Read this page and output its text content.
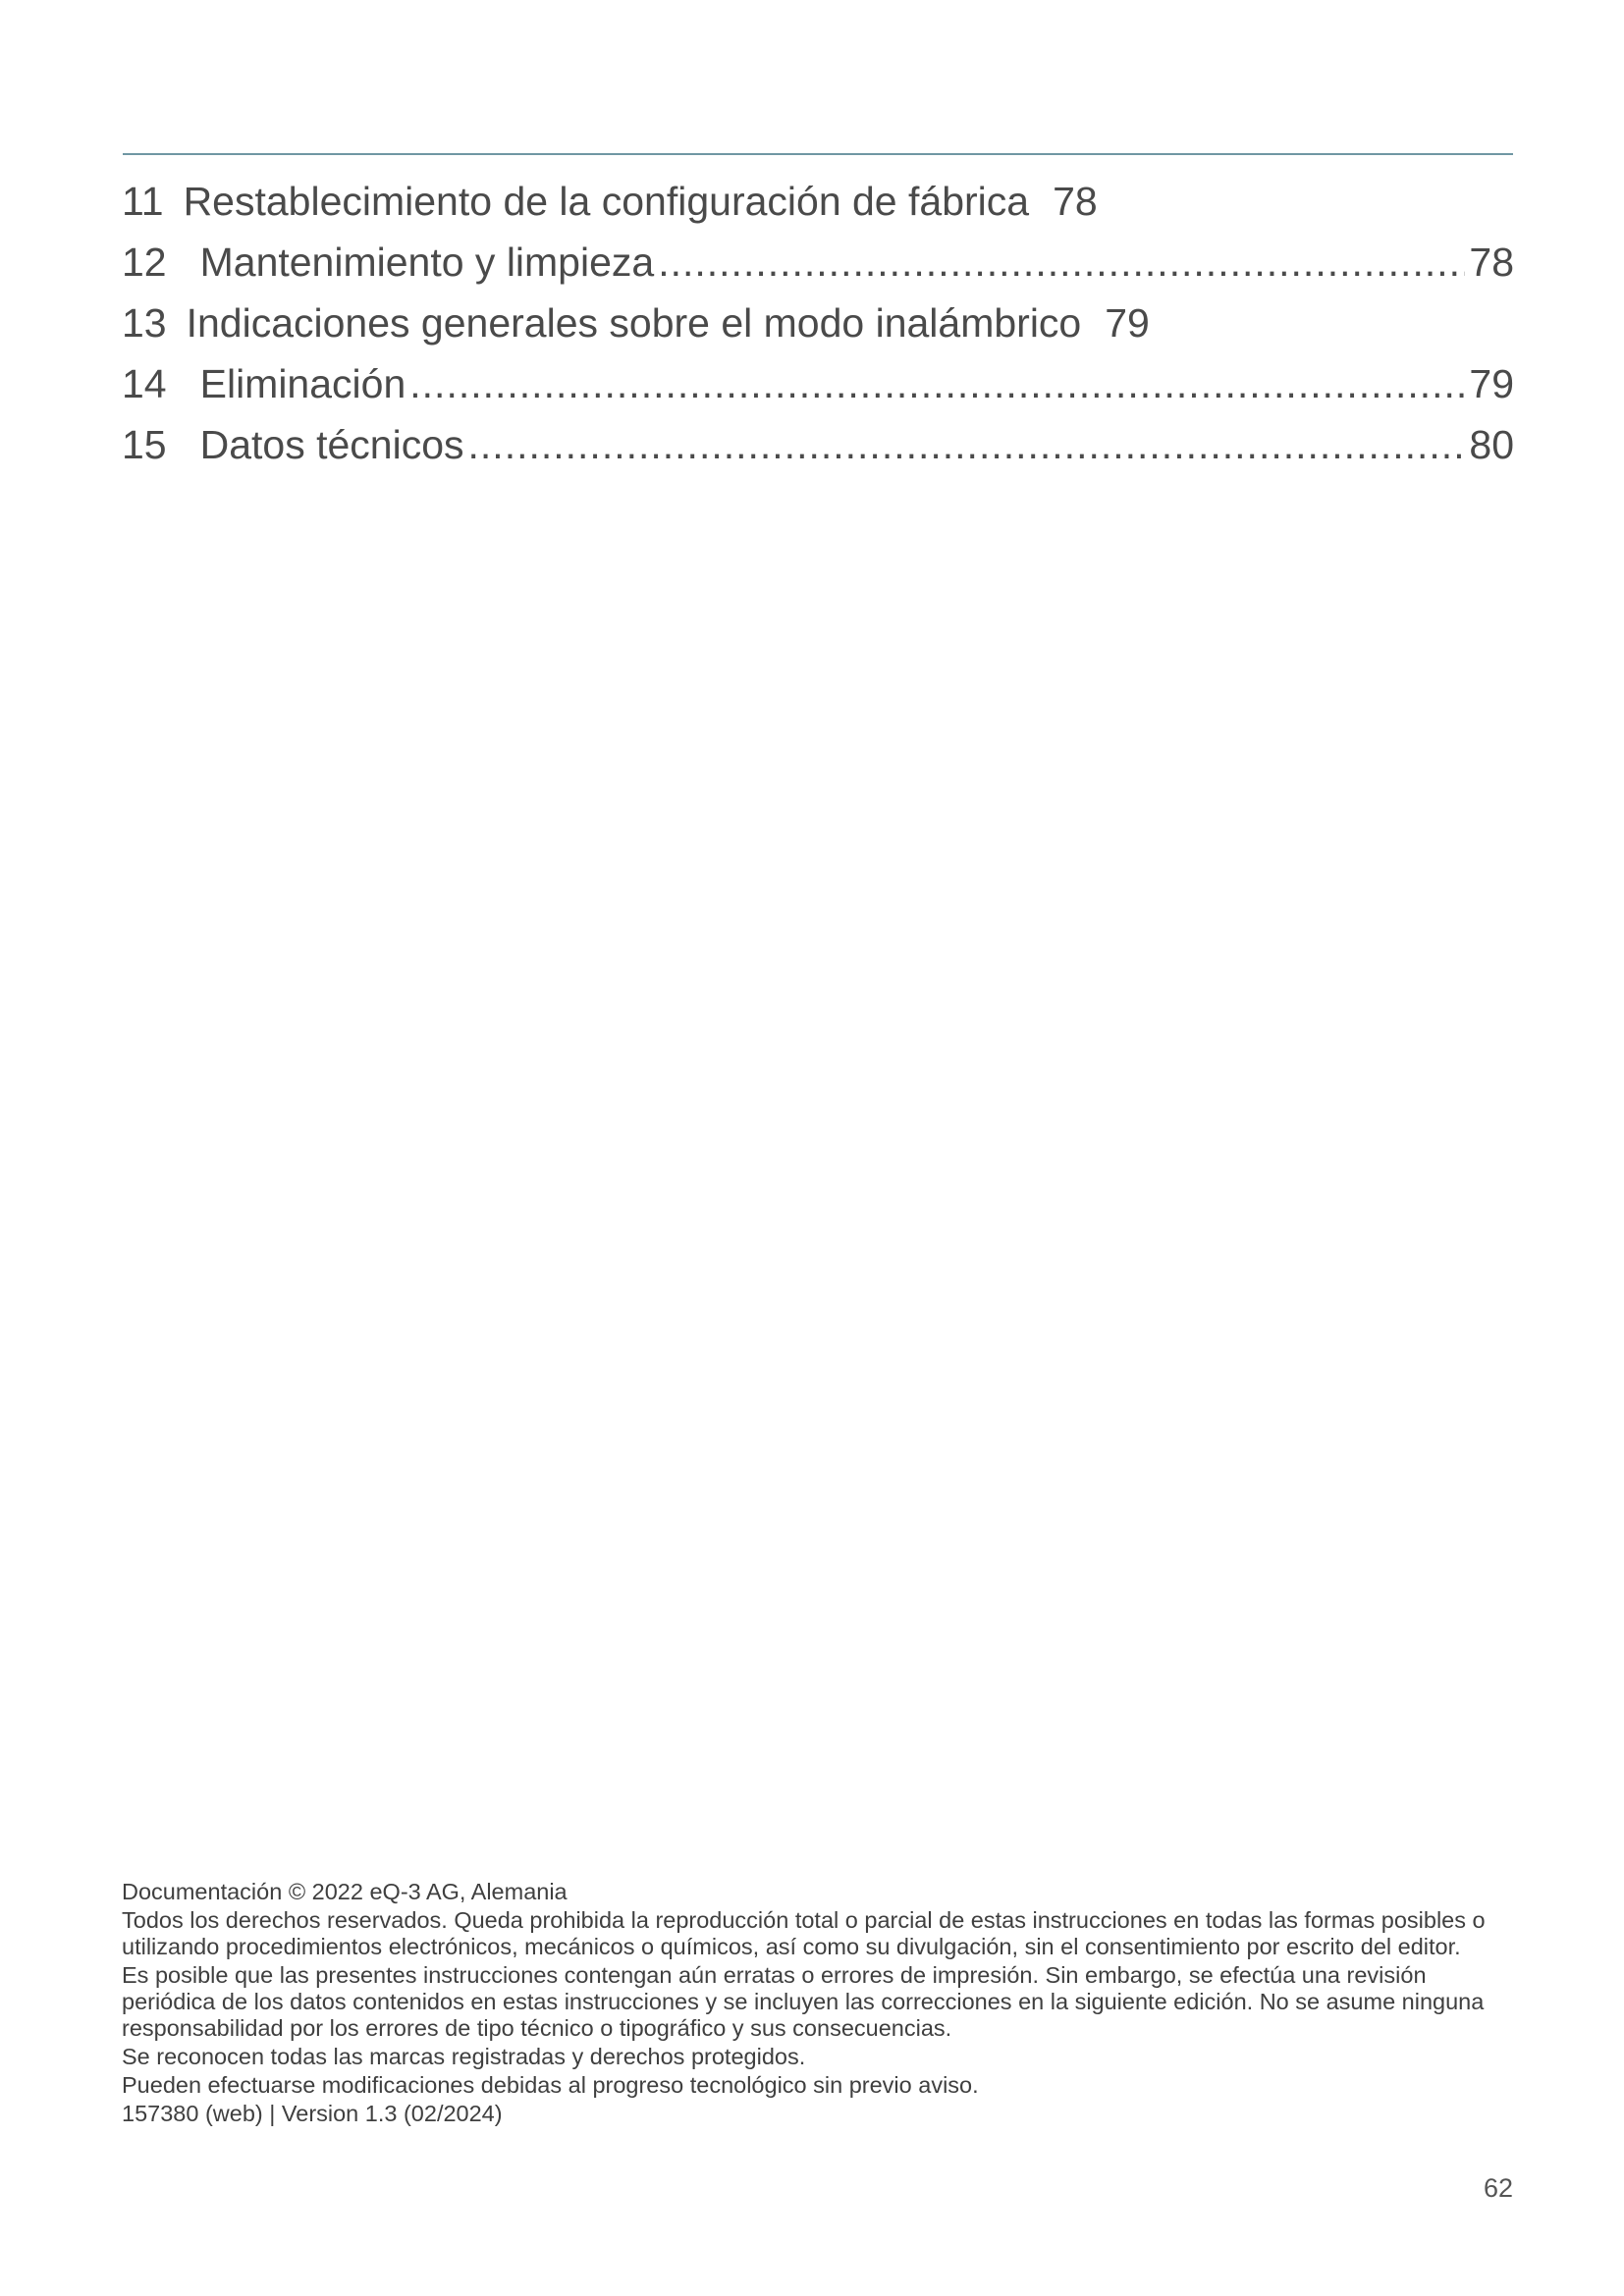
11 Restablecimiento de la configuración de fábrica 78
12 Mantenimiento y limpieza .....	78
13 Indicaciones generales sobre el modo inalámbrico 79
14 Eliminación .....	79
15 Datos técnicos .....	80

Documentación © 2022 eQ-3 AG, Alemania

Todos los derechos reservados. Queda prohibida la reproducción total o parcial de estas instrucciones en todas las formas posibles o utilizando procedimientos electrónicos, mecánicos o químicos, así como su divulgación, sin el consentimiento por escrito del editor.

Es posible que las presentes instrucciones contengan aún erratas o errores de impresión. Sin embargo, se efectúa una revisión periódica de los datos contenidos en estas instrucciones y se incluyen las correcciones en la siguiente edición. No se asume ninguna responsabilidad por los errores de tipo técnico o tipográfico y sus consecuencias.

Se reconocen todas las marcas registradas y derechos protegidos.

Pueden efectuarse modificaciones debidas al progreso tecnológico sin previo aviso.

157380 (web) | Version 1.3 (02/2024)

62
